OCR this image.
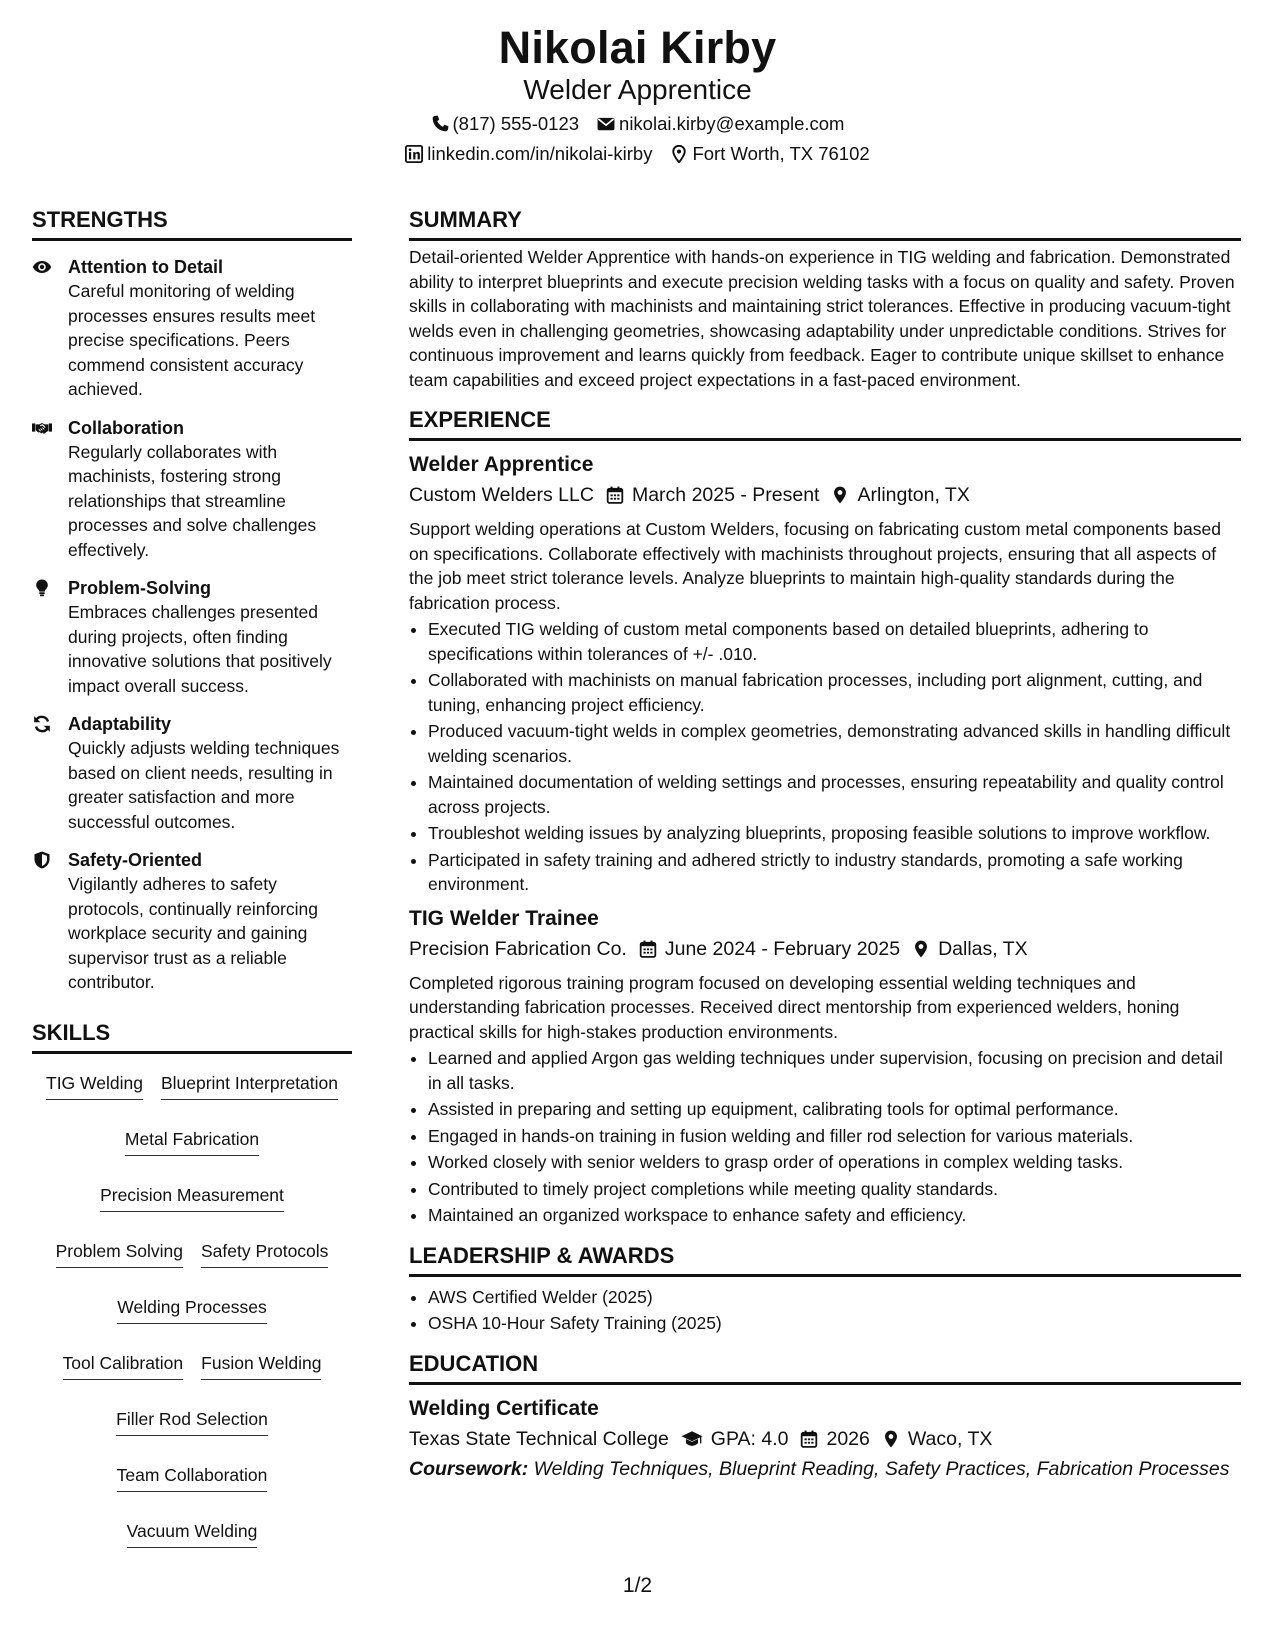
Nikolai Kirby
Welder Apprentice
(817) 555-0123 nikolai.kirby@example.com
linkedin.com/in/nikolai-kirby Fort Worth, TX 76102
STRENGTHS
Attention to Detail
Careful monitoring of welding processes ensures results meet precise specifications. Peers commend consistent accuracy achieved.
Collaboration
Regularly collaborates with machinists, fostering strong relationships that streamline processes and solve challenges effectively.
Problem-Solving
Embraces challenges presented during projects, often finding innovative solutions that positively impact overall success.
Adaptability
Quickly adjusts welding techniques based on client needs, resulting in greater satisfaction and more successful outcomes.
Safety-Oriented
Vigilantly adheres to safety protocols, continually reinforcing workplace security and gaining supervisor trust as a reliable contributor.
SKILLS
TIG Welding Blueprint Interpretation
Metal Fabrication
Precision Measurement
Problem Solving Safety Protocols
Welding Processes
Tool Calibration Fusion Welding
Filler Rod Selection
Team Collaboration
Vacuum Welding
SUMMARY
Detail-oriented Welder Apprentice with hands-on experience in TIG welding and fabrication. Demonstrated ability to interpret blueprints and execute precision welding tasks with a focus on quality and safety. Proven skills in collaborating with machinists and maintaining strict tolerances. Effective in producing vacuum-tight welds even in challenging geometries, showcasing adaptability under unpredictable conditions. Strives for continuous improvement and learns quickly from feedback. Eager to contribute unique skillset to enhance team capabilities and exceed project expectations in a fast-paced environment.
EXPERIENCE
Welder Apprentice
Custom Welders LLC March 2025 - Present Arlington, TX
Support welding operations at Custom Welders, focusing on fabricating custom metal components based on specifications. Collaborate effectively with machinists throughout projects, ensuring that all aspects of the job meet strict tolerance levels. Analyze blueprints to maintain high-quality standards during the fabrication process.
• Executed TIG welding of custom metal components based on detailed blueprints, adhering to specifications within tolerances of +/- .010.
• Collaborated with machinists on manual fabrication processes, including port alignment, cutting, and tuning, enhancing project efficiency.
• Produced vacuum-tight welds in complex geometries, demonstrating advanced skills in handling difficult welding scenarios.
• Maintained documentation of welding settings and processes, ensuring repeatability and quality control across projects.
• Troubleshot welding issues by analyzing blueprints, proposing feasible solutions to improve workflow.
• Participated in safety training and adhered strictly to industry standards, promoting a safe working environment.
TIG Welder Trainee
Precision Fabrication Co. June 2024 - February 2025 Dallas, TX
Completed rigorous training program focused on developing essential welding techniques and understanding fabrication processes. Received direct mentorship from experienced welders, honing practical skills for high-stakes production environments.
• Learned and applied Argon gas welding techniques under supervision, focusing on precision and detail in all tasks.
• Assisted in preparing and setting up equipment, calibrating tools for optimal performance.
• Engaged in hands-on training in fusion welding and filler rod selection for various materials.
• Worked closely with senior welders to grasp order of operations in complex welding tasks.
• Contributed to timely project completions while meeting quality standards.
• Maintained an organized workspace to enhance safety and efficiency.
LEADERSHIP & AWARDS
• AWS Certified Welder (2025)
• OSHA 10-Hour Safety Training (2025)
EDUCATION
Welding Certificate
Texas State Technical College GPA: 4.0 2026 Waco, TX
Coursework: Welding Techniques, Blueprint Reading, Safety Practices, Fabrication Processes
1/2
